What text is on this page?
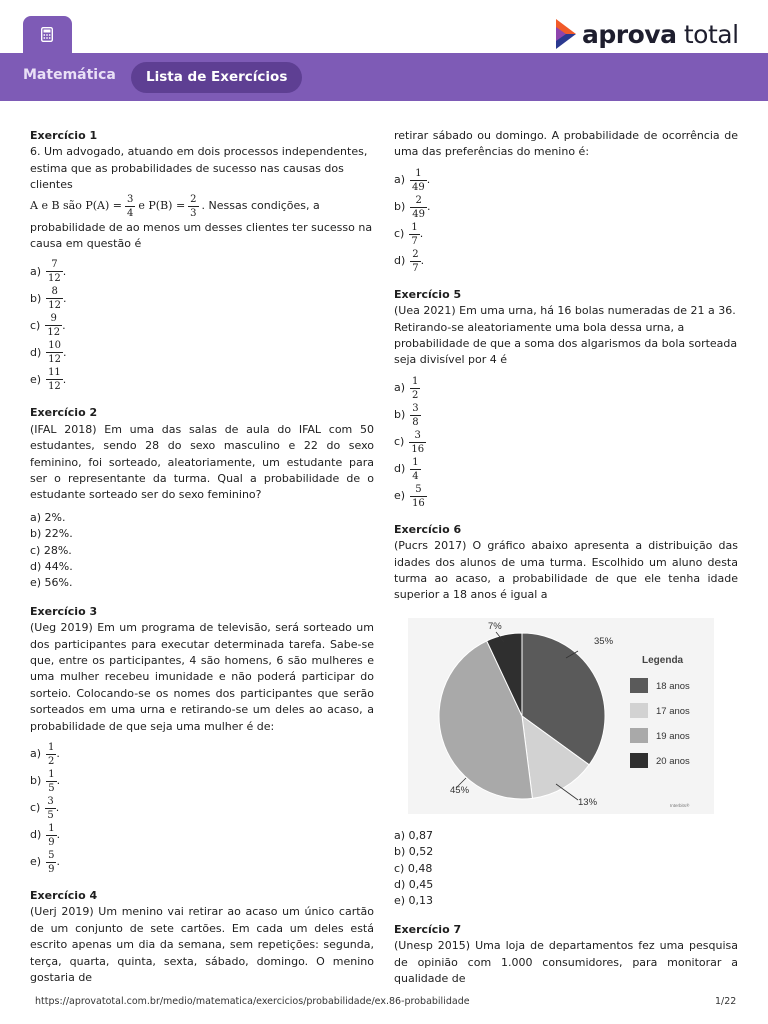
aprova total
Matemática	Lista de Exercícios
Exercício 1
6. Um advogado, atuando em dois processos independentes, estima que as probabilidades de sucesso nas causas dos clientes
A e B são $P(A) = \frac{3}{4}$ e $P(B) = \frac{2}{3}$ . Nessas condições, a
probabilidade de ao menos um desses clientes ter sucesso na causa em questão é
$a) \frac{7}{12}$ .
$b) \frac{8}{12}$ .
$c) \frac{9}{12}$ .
$d) \frac{10}{12}$ .
$e) \frac{11}{12}$ .
Exercício 2
(IFAL 2018) Em uma das salas de aula do IFAL com 50 estudantes, sendo 28 do sexo masculino e 22 do sexo feminino, foi sorteado, aleatoriamente, um estudante para ser o representante da turma. Qual a probabilidade de o estudante sorteado ser do sexo feminino?
a) 2%.
b) 22%.
c) 28%.
d) 44%.
e) 56%.
Exercício 3
(Ueg 2019) Em um programa de televisão, será sorteado um dos participantes para executar determinada tarefa. Sabe-se que, entre os participantes, 4 são homens, 6 são mulheres e uma mulher recebeu imunidade e não poderá participar do sorteio. Colocando-se os nomes dos participantes que serão sorteados em uma urna e retirando-se um deles ao acaso, a probabilidade de que seja uma mulher é de:
$a) \frac{1}{2}$ .
$b) \frac{1}{5}$ .
$c) \frac{3}{5}$ .
$d) \frac{1}{9}$ .
$e) \frac{5}{9}$ .
Exercício 4
(Uerj 2019) Um menino vai retirar ao acaso um único cartão de um conjunto de sete cartões. Em cada um deles está escrito apenas um dia da semana, sem repetições: segunda, terça, quarta, quinta, sexta, sábado, domingo. O menino gostaria de
retirar sábado ou domingo. A probabilidade de ocorrência de uma das preferências do menino é:
$a) \frac{1}{49}$ .
$b) \frac{2}{49}$ .
$c) \frac{1}{7}$ .
$d) \frac{2}{7}$ .
Exercício 5
(Uea 2021) Em uma urna, há 16 bolas numeradas de 21 a 36. Retirando-se aleatoriamente uma bola dessa urna, a probabilidade de que a soma dos algarismos da bola sorteada seja divisível por 4 é
$a) \frac{1}{2}$
$b) \frac{3}{8}$
$c) \frac{3}{16}$
$d) \frac{1}{4}$
$e) \frac{5}{16}$
Exercício 6
(Pucrs 2017) O gráfico abaixo apresenta a distribuição das idades dos alunos de uma turma. Escolhido um aluno desta turma ao acaso, a probabilidade de que ele tenha idade superior a 18 anos é igual a
35%
13%
45%
7%
Legenda
18 anos
17 anos
19 anos
20 anos
Interbits®
a) 0,87
b) 0,52
c) 0,48
d) 0,45
e) 0,13
Exercício 7
(Unesp 2015) Uma loja de departamentos fez uma pesquisa de opinião com 1.000 consumidores, para monitorar a qualidade de
https://aprovatotal.com.br/medio/matematica/exercicios/probabilidade/ex.86-probabilidade	1/22
